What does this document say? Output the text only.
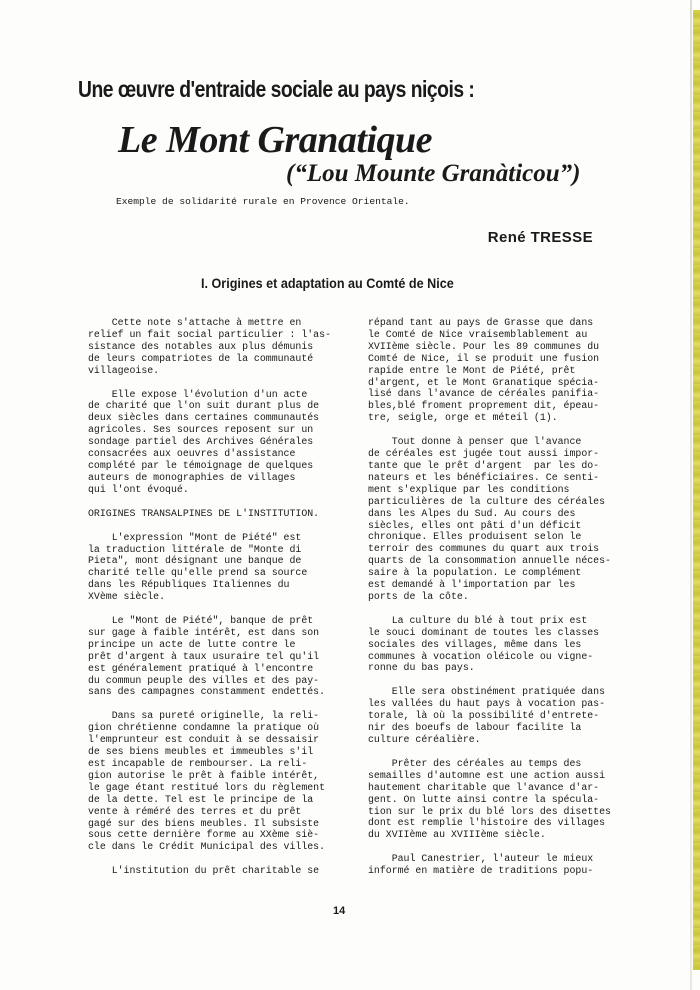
Une œuvre d'entraide sociale au pays niçois :
Le Mont Granatique
(“Lou Mounte Granàticou”)
Exemple de solidarité rurale en Provence Orientale.
René TRESSE
I. Origines et adaptation au Comté de Nice
Cette note s'attache à mettre en
relief un fait social particulier : l'as-
sistance des notables aux plus démunis
de leurs compatriotes de la communauté
villageoise.
Elle expose l'évolution d'un acte
de charité que l'on suit durant plus de
deux siècles dans certaines communautés
agricoles. Ses sources reposent sur un
sondage partiel des Archives Générales
consacrées aux oeuvres d'assistance
complété par le témoignage de quelques
auteurs de monographies de villages
qui l'ont évoqué.
ORIGINES TRANSALPINES DE L'INSTITUTION.
L'expression "Mont de Piété" est
la traduction littérale de "Monte di
Pieta", mont désignant une banque de
charité telle qu'elle prend sa source
dans les Républiques Italiennes du
XVème siècle.
Le "Mont de Piété", banque de prêt
sur gage à faible intérêt, est dans son
principe un acte de lutte contre le
prêt d'argent à taux usuraire tel qu'il
est généralement pratiqué à l'encontre
du commun peuple des villes et des pay-
sans des campagnes constamment endettés.
Dans sa pureté originelle, la reli-
gion chrétienne condamne la pratique où
l'emprunteur est conduit à se dessaisir
de ses biens meubles et immeubles s'il
est incapable de rembourser. La reli-
gion autorise le prêt à faible intérêt,
le gage étant restitué lors du règlement
de la dette. Tel est le principe de la
vente à réméré des terres et du prêt
gagé sur des biens meubles. Il subsiste
sous cette dernière forme au XXème siè-
cle dans le Crédit Municipal des villes.
L'institution du prêt charitable se
répand tant au pays de Grasse que dans
le Comté de Nice vraisemblablement au
XVIIème siècle. Pour les 89 communes du
Comté de Nice, il se produit une fusion
rapide entre le Mont de Piété, prêt
d'argent, et le Mont Granatique spécia-
lisé dans l'avance de céréales panifia-
bles,blé froment proprement dit, épeau-
tre, seigle, orge et méteil (1).
Tout donne à penser que l'avance
de céréales est jugée tout aussi impor-
tante que le prêt d'argent  par les do-
nateurs et les bénéficiaires. Ce senti-
ment s'explique par les conditions
particulières de la culture des céréales
dans les Alpes du Sud. Au cours des
siècles, elles ont pâti d'un déficit
chronique. Elles produisent selon le
terroir des communes du quart aux trois
quarts de la consommation annuelle néces-
saire à la population. Le complément
est demandé à l'importation par les
ports de la côte.
La culture du blé à tout prix est
le souci dominant de toutes les classes
sociales des villages, même dans les
communes à vocation oléicole ou vigne-
ronne du bas pays.
Elle sera obstinément pratiquée dans
les vallées du haut pays à vocation pas-
torale, là où la possibilité d'entrete-
nir des boeufs de labour facilite la
culture céréalière.
Prêter des céréales au temps des
semailles d'automne est une action aussi
hautement charitable que l'avance d'ar-
gent. On lutte ainsi contre la spécula-
tion sur le prix du blé lors des disettes
dont est remplie l'histoire des villages
du XVIIème au XVIIIème siècle.
Paul Canestrier, l'auteur le mieux
informé en matière de traditions popu-
14
